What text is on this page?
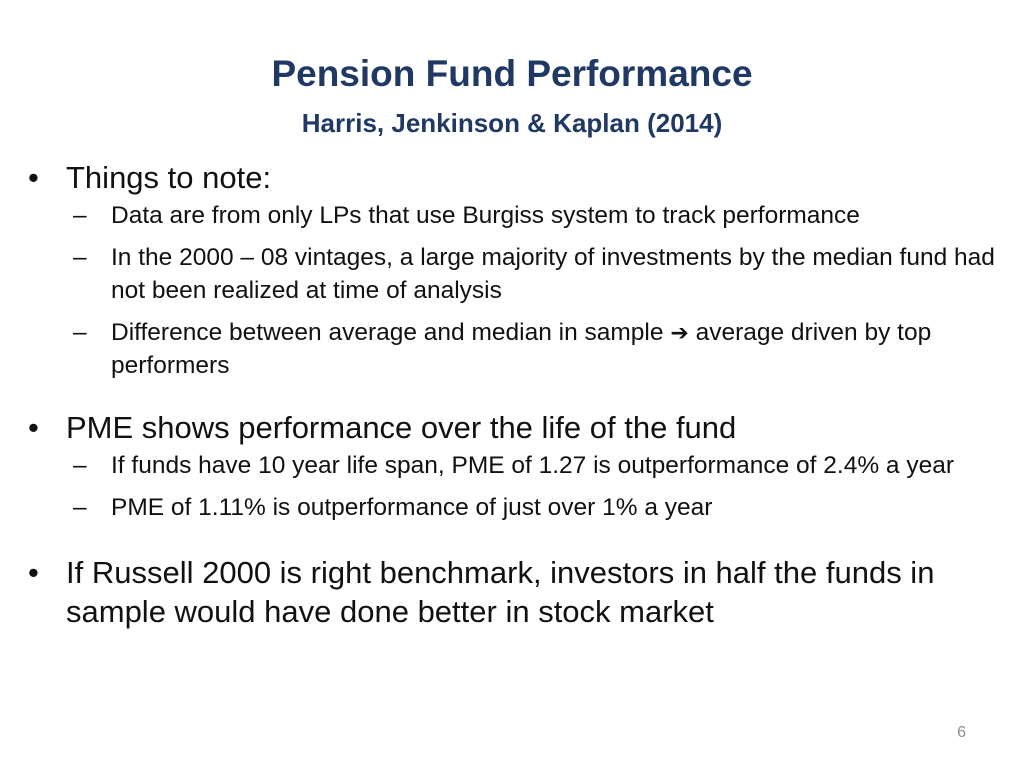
Pension Fund Performance
Harris, Jenkinson & Kaplan (2014)
• Things to note:
– Data are from only LPs that use Burgiss system to track performance
– In the 2000 – 08 vintages, a large majority of investments by the median fund had not been realized at time of analysis
– Difference between average and median in sample ➔ average driven by top performers
• PME shows performance over the life of the fund
– If funds have 10 year life span, PME of 1.27 is outperformance of 2.4% a year
– PME of 1.11% is outperformance of just over 1% a year
• If Russell 2000 is right benchmark, investors in half the funds in sample would have done better in stock market
6
